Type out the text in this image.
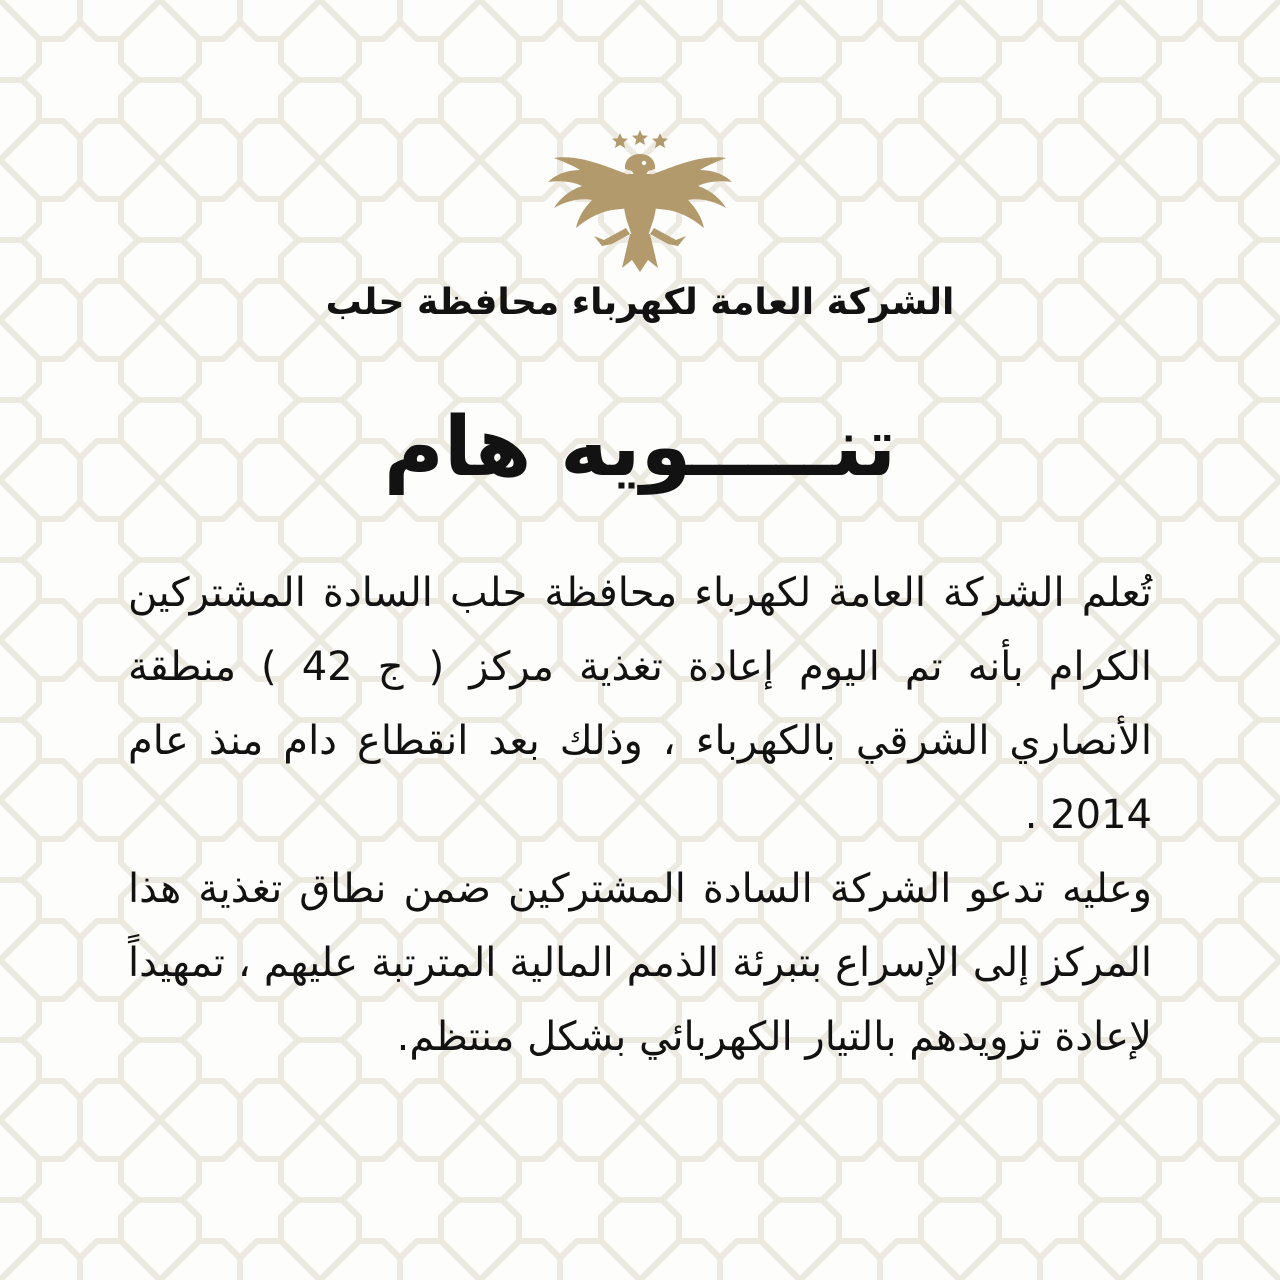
الشركة العامة لكهرباء محافظة حلب
تنـــــويه هام

تُعلم الشركة العامة لكهرباء محافظة حلب السادة المشتركين الكرام بأنه تم اليوم إعادة تغذية مركز ( ج 42 ) منطقة الأنصاري الشرقي بالكهرباء ، وذلك بعد انقطاع دام منذ عام 2014 .

وعليه تدعو الشركة السادة المشتركين ضمن نطاق تغذية هذا المركز إلى الإسراع بتبرئة الذمم المالية المترتبة عليهم ، تمهيداً لإعادة تزويدهم بالتيار الكهربائي بشكل منتظم.
